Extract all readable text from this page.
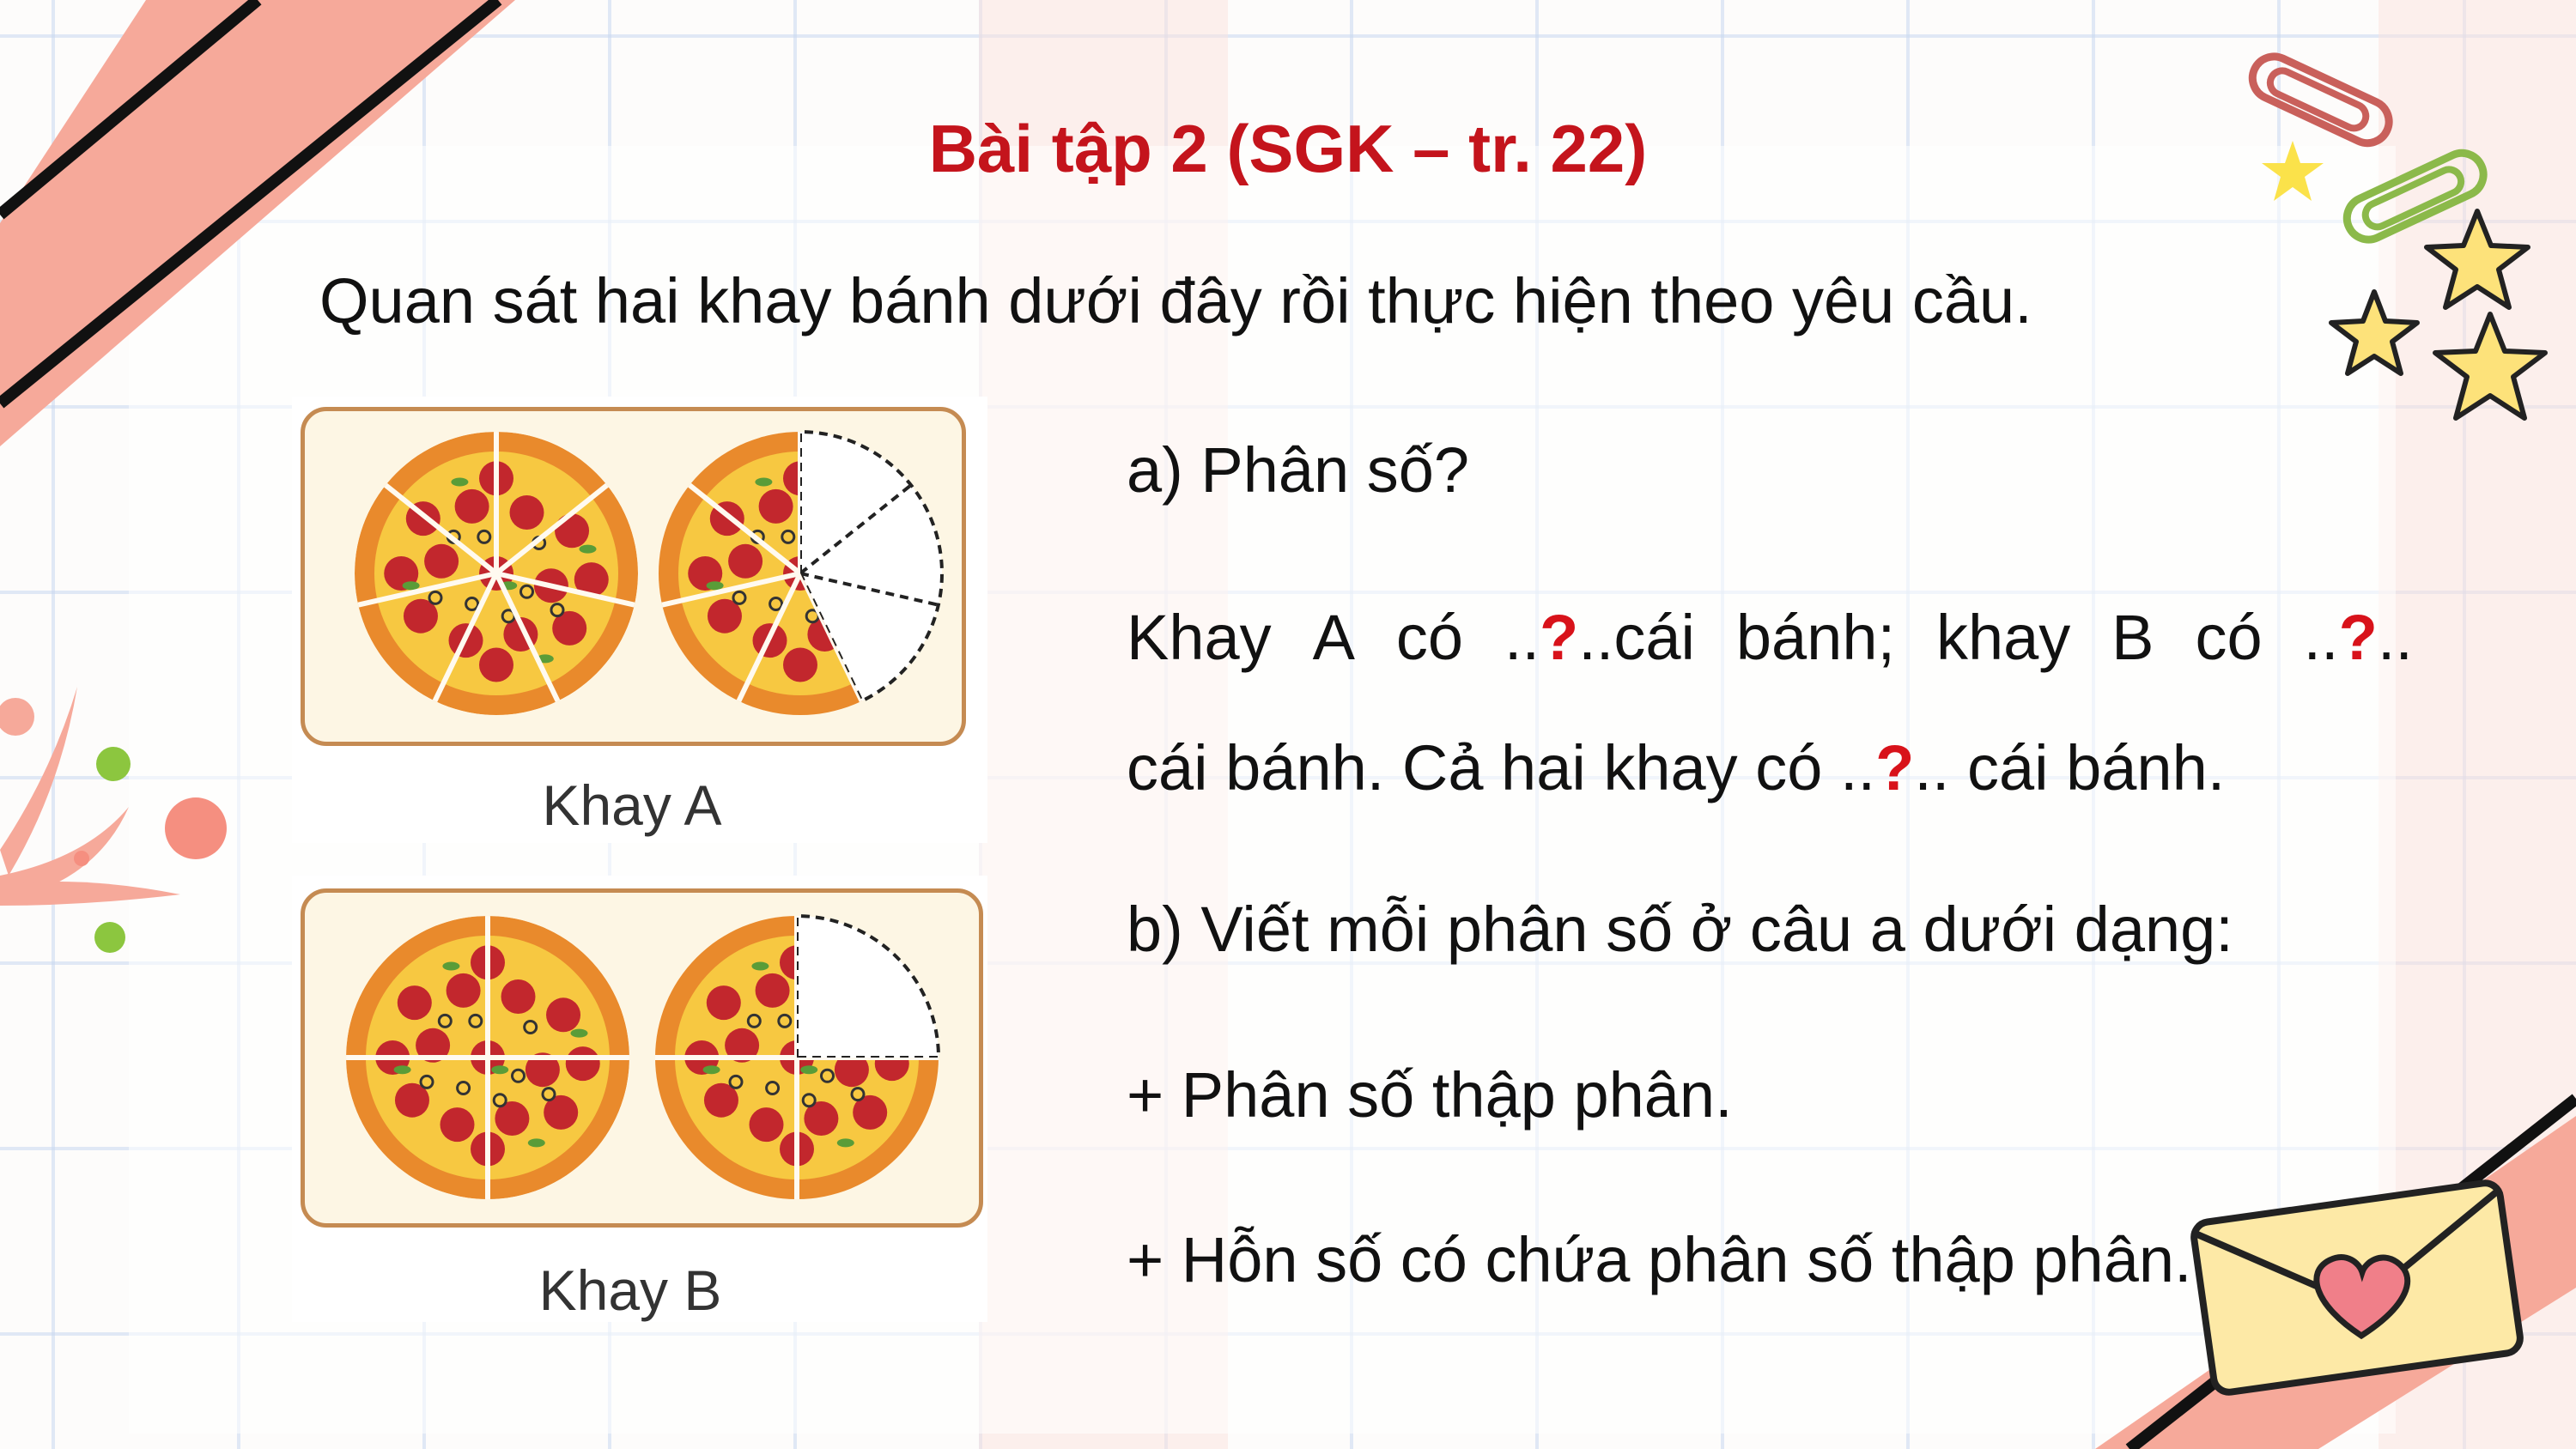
Bài tập 2 (SGK – tr. 22)
Quan sát hai khay bánh dưới đây rồi thực hiện theo yêu cầu.
a) Phân số?
Khay A có ..?..cái bánh; khay B có ..?..
cái bánh. Cả hai khay có ..?.. cái bánh.
b) Viết mỗi phân số ở câu a dưới dạng:
+ Phân số thập phân.
+ Hỗn số có chứa phân số thập phân.
Khay A
Khay B
